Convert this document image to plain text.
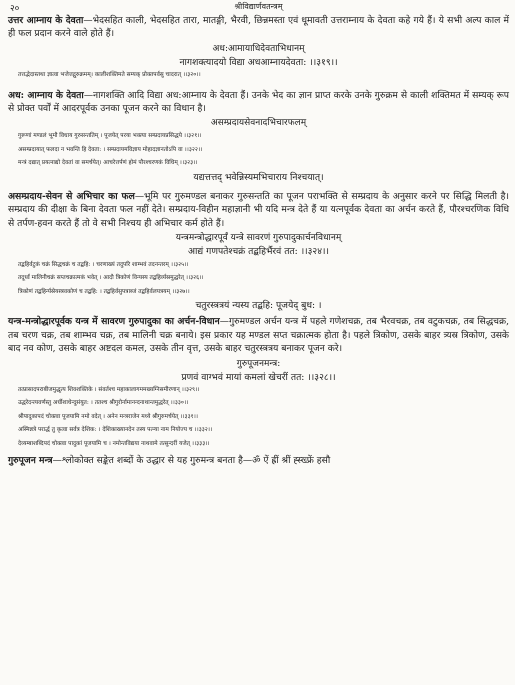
२०	श्रीविद्यार्णवतन्त्रम्

उत्तर आम्नाय के देवता—भेदसहित काली, भेदसहित तारा, मातङ्गी, भैरवी, छिन्नमस्ता एवं धूमावती उत्तराम्नाय के देवता कहे गये हैं। ये सभी अल्प काल में ही फल प्रदान करने वाले होते हैं।

अध:आमायाधिदेवताभिधानम्
नागशक्त्यादयो विद्या अधआम्नायदेवता: ।।३१९।।
तत्तद्भेदास्तथा ज्ञात्वा भजेत्तद्गुरुक्रमम्। कालीशक्तिमते सम्यक् प्रोक्तपर्वसु चादरात् ।।३२०।।

अध: आम्नाय के देवता—नागशक्ति आदि विद्या अध:आम्नाय के देवता हैं। उनके भेद का ज्ञान प्राप्त करके उनके गुरुक्रम से काली शक्तिमत में सम्यक् रूप से प्रोक्त पर्वों में आदरपूर्वक उनका पूजन करने का विधान है।

असम्प्रदायसेवनादभिचारफलम्
गुरूणां मण्डलं भूमौ विधाय गुरुसन्ततिम् । पूजयेत् परया भक्त्या सम्प्रदायप्रसिद्धये ।।३२१।।
असम्प्रदायात् फलदा न भवन्ति हि देवता: । सम्प्रदायमविज्ञाय मोहादज्ञानतोऽपि वा ।।३२२।।
मन्त्रं दद्यात् प्रयत्नाद्यो देवतां वा समर्चयेत्। आचरेत्तर्पणं होमं पौरश्चरणकं विधिम् ।।३२३।।
यद्यत्तत्तद् भवेन्निस्यमभिचाराय निश्चयात्।

असम्प्रदाय-सेवन से अभिचार का फल—भूमि पर गुरुमण्डल बनाकर गुरुसन्तति का पूजन पराभक्ति से सम्प्रदाय के अनुसार करने पर सिद्धि मिलती है। सम्प्रदाय की दीक्षा के बिना देवता फल नहीं देते। सम्प्रदाय-विहीन महाज्ञानी भी यदि मन्त्र देते हैं या यत्नपूर्वक देवता का अर्चन करते हैं, पौरश्चरणिक विधि से तर्पण-हवन करते हैं तो वे सभी निश्चय ही अभिचार कर्म होते हैं।

यन्त्रमन्त्रोद्धारपूर्वं यन्त्रे सावरणं गुरुपादुकार्चनविधानम्
आद्यं गणपतेश्चक्रं तद्बहिर्भैरवं तत: ।।३२४।।
तद्बहिर्वटुकं चक्रं सिद्धचक्रं च तद्बहि: । चरणाख्यं तदुपरि शाम्भवं तदनन्तरम् ।।३२५।।
तदूर्ध्वं मालिनीचक्रं सप्तचक्रात्मकं भवेत् । आदौ त्रिकोणं विन्यस्य तद्बहिर्व्यस्रमुद्धरेत् ।।३२६।।
त्रिकोणं तद्बहिर्न्यस्रेयस्त्रवकोणं च तद्बहि: । तद्बहिर्वसुपत्राब्जं तद्बहिर्वलयत्रयम् ।।३२७।।
चतुरस्त्रत्रयं न्यस्य तद्बहि: पूजयेद् बुध: ।

यन्त्र-मन्त्रोद्धारपूर्वक यन्त्र में सावरण गुरुपादुका का अर्चन-विधान—गुरुमण्डल अर्चन यन्त्र में पहले गणेशचक्र, तब भैरवचक्र, तब वटुकचक्र, तब सिद्धचक्र, तब चरण चक्र, तब शाम्भव चक्र, तब मालिनी चक्र बनाये। इस प्रकार यह मण्डल सप्त चक्रात्मक होता है। पहले त्रिकोण, उसके बाहर त्र्यस्र त्रिकोण, उसके बाद नव कोण, उसके बाहर अष्टदल कमल, उसके तीन वृत्त, उसके बाहर चतुरस्त्रत्रय बनाकर पूजन करे।

गुरुपूजनमन्त्र:
प्रणवं वाग्भवं मायां कमलां खेचरीं तत: ।।३२८।।
तत्प्रासादपराबीजमुद्धृत्य शिवशक्तिके । संवर्तश्च महाकालागममख्यग्निसमीरणान् ।।३२९।।
उद्धरेदन्त्यवर्णस्तु अर्धीशाधेन्दुसंयुत: । ततश्च श्रीगुरोर्नामानन्दनाथान्तमुद्धरेत् ।।३३०।।
श्रीपादुकापदं चोक्त्वा पूजयामि नमो वदेत् । अनेन मन्त्रराजेन मध्ये श्रीगुरुमर्चयेत् ।।३३१।।
अस्मिन्नत्रे परार्द्ध तु कृत्वा सर्वत्र देशिक: । देशिकाख्यानदेन तस्य पत्न्या नाम नियोज्य च ।।३३२।।
देव्यम्बाशब्दिपदं चोक्त्वा पादुकां पूजयामि च । नमोन्तविद्यया नाथवामे तत्सुन्दरीं यजेत् ।।३३३।।

गुरुपूजन मन्त्र—श्लोकोक्त सङ्केत शब्दों के उद्धार से यह गुरुमन्त्र बनता है—ॐ ऐं ह्रीं श्रीं ह्स्ख्फ्रें हसौ
